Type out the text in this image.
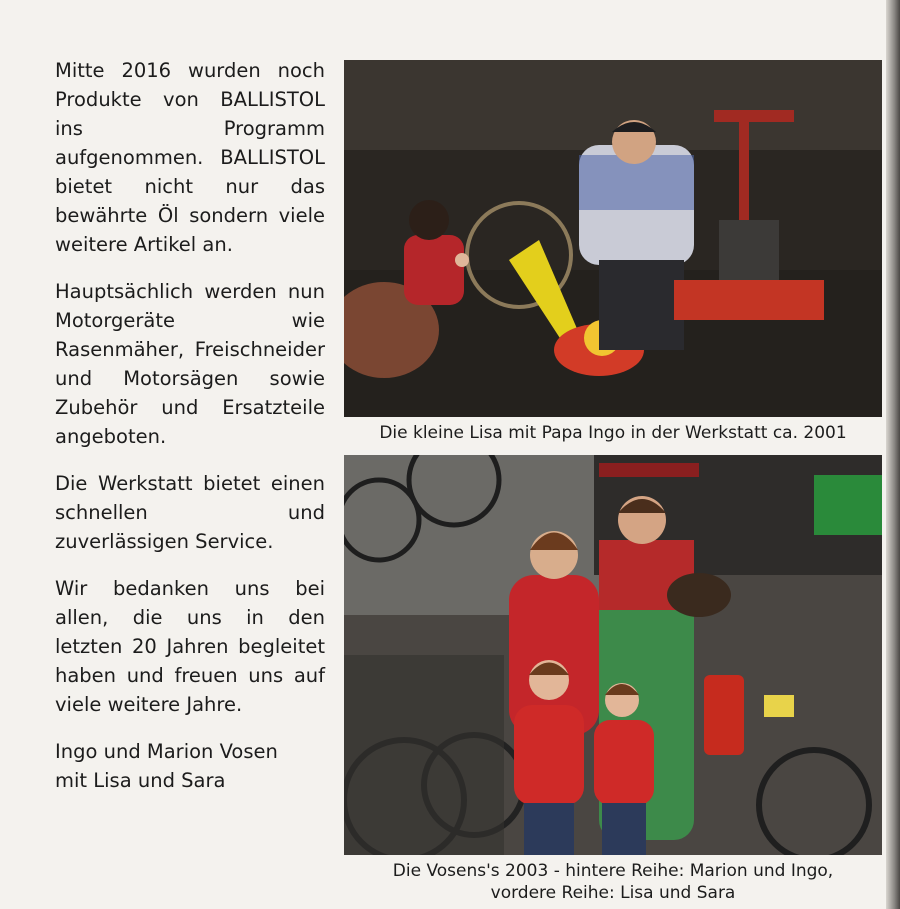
Mitte 2016 wurden noch Produkte von BALLISTOL ins Programm aufgenommen. BALLISTOL bietet nicht nur das bewährte Öl sondern viele weitere Artikel an.

Hauptsächlich werden nun Motorgeräte wie Rasenmäher, Freischneider und Motorsägen sowie Zubehör und Ersatzteile angeboten.

Die Werkstatt bietet einen schnellen und zuverlässigen Service.

Wir bedanken uns bei allen, die uns in den letzten 20 Jahren begleitet haben und freuen uns auf viele weitere Jahre.

Ingo und Marion Vosen
mit Lisa und Sara
Die kleine Lisa mit Papa Ingo in der Werkstatt ca. 2001
Die Vosens's 2003 - hintere Reihe: Marion und Ingo,
vordere Reihe: Lisa und Sara
